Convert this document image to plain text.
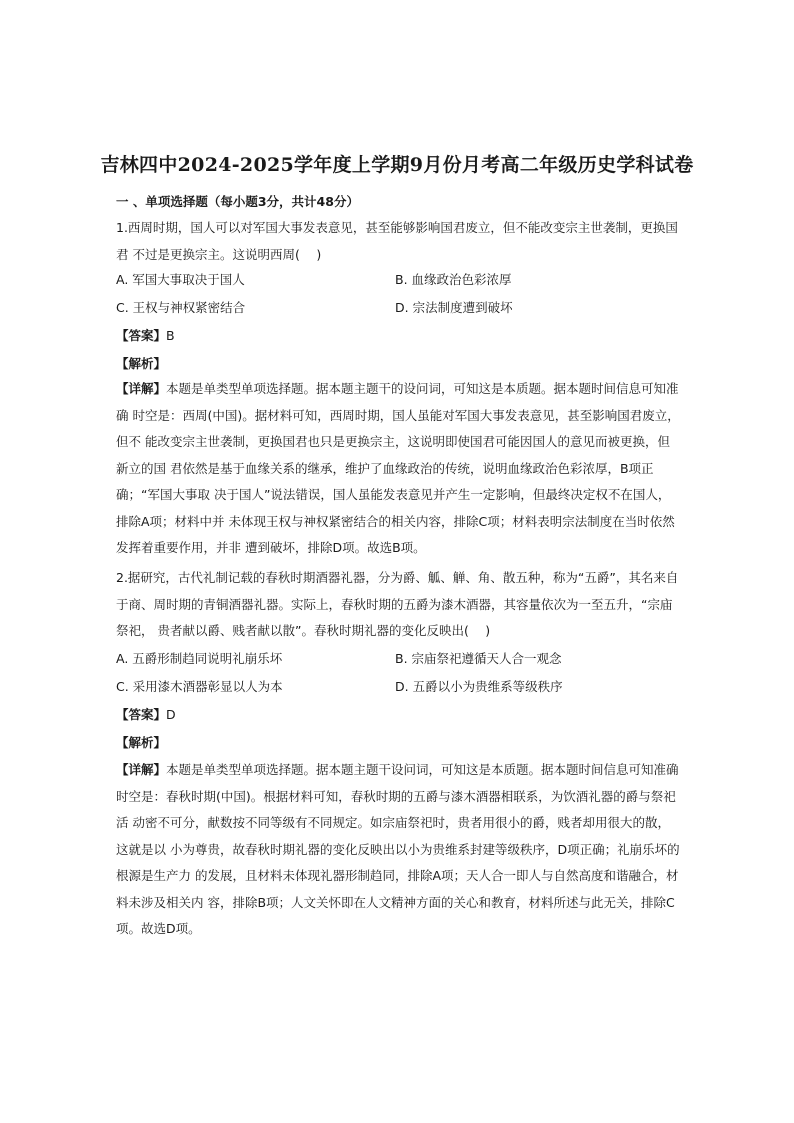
吉林四中2024-2025学年度上学期9月份月考高二年级历史学科试卷
一 、单项选择题（每小题3分，共计48分）
1.西周时期，国人可以对军国大事发表意见，甚至能够影响国君废立，但不能改变宗主世袭制，更换国君 不过是更换宗主。这说明西周(　 )
A. 军国大事取决于国人	B. 血缘政治色彩浓厚
C. 王权与神权紧密结合	D. 宗法制度遭到破坏
【答案】B
【解析】
【详解】本题是单类型单项选择题。据本题主题干的设问词，可知这是本质题。据本题时间信息可知准确 时空是：西周(中国)。据材料可知，西周时期，国人虽能对军国大事发表意见，甚至影响国君废立，但不 能改变宗主世袭制，更换国君也只是更换宗主，这说明即使国君可能因国人的意见而被更换，但新立的国 君依然是基于血缘关系的继承，维护了血缘政治的传统，说明血缘政治色彩浓厚，B项正确；“军国大事取 决于国人”说法错误，国人虽能发表意见并产生一定影响，但最终决定权不在国人，排除A项；材料中并 未体现王权与神权紧密结合的相关内容，排除C项；材料表明宗法制度在当时依然发挥着重要作用，并非 遭到破坏，排除D项。故选B项。
2.据研究，古代礼制记载的春秋时期酒器礼器，分为爵、觚、觯、角、散五种，称为“五爵”，其名来自 于商、周时期的青铜酒器礼器。实际上，春秋时期的五爵为漆木酒器，其容量依次为一至五升，“宗庙祭祀， 贵者献以爵、贱者献以散”。春秋时期礼器的变化反映出(　 )
A. 五爵形制趋同说明礼崩乐坏	B. 宗庙祭祀遵循天人合一观念
C. 采用漆木酒器彰显以人为本	D. 五爵以小为贵维系等级秩序
【答案】D
【解析】
【详解】本题是单类型单项选择题。据本题主题干设问词，可知这是本质题。据本题时间信息可知准确　时空是：春秋时期(中国)。根据材料可知，春秋时期的五爵与漆木酒器相联系，为饮酒礼器的爵与祭祀活 动密不可分，献数按不同等级有不同规定。如宗庙祭祀时，贵者用很小的爵，贱者却用很大的散，这就是以 小为尊贵，故春秋时期礼器的变化反映出以小为贵维系封建等级秩序，D项正确；礼崩乐坏的根源是生产力 的发展，且材料未体现礼器形制趋同，排除A项；天人合一即人与自然高度和谐融合，材料未涉及相关内 容，排除B项；人文关怀即在人文精神方面的关心和教育，材料所述与此无关，排除C项。故选D项。
